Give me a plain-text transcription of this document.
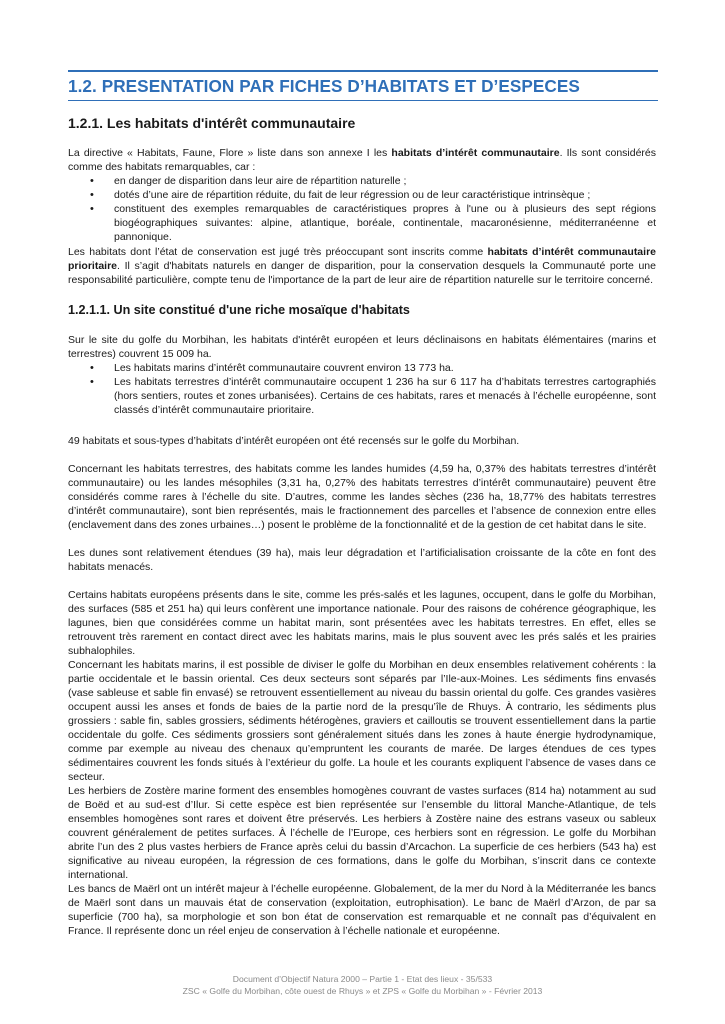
1.2. PRESENTATION PAR FICHES D’HABITATS ET D’ESPECES
1.2.1. Les habitats d'intérêt communautaire

La directive « Habitats, Faune, Flore » liste dans son annexe I les habitats d’intérêt communautaire. Ils sont considérés comme des habitats remarquables, car :

• en danger de disparition dans leur aire de répartition naturelle ;
• dotés d’une aire de répartition réduite, du fait de leur régression ou de leur caractéristique intrinsèque ;
• constituent des exemples remarquables de caractéristiques propres à l'une ou à plusieurs des sept régions biogéographiques suivantes: alpine, atlantique, boréale, continentale, macaronésienne, méditerranéenne et pannonique.

Les habitats dont l’état de conservation est jugé très préoccupant sont inscrits comme habitats d’intérêt communautaire prioritaire. Il s’agit d'habitats naturels en danger de disparition, pour la conservation desquels la Communauté porte une responsabilité particulière, compte tenu de l'importance de la part de leur aire de répartition naturelle sur le territoire concerné.

1.2.1.1. Un site constitué d'une riche mosaïque d'habitats

Sur le site du golfe du Morbihan, les habitats d'intérêt européen et leurs déclinaisons en habitats élémentaires (marins et terrestres) couvrent 15 009 ha.

• Les habitats marins d’intérêt communautaire couvrent environ 13 773 ha.
• Les habitats terrestres d’intérêt communautaire occupent 1 236 ha sur 6 117 ha d’habitats terrestres cartographiés (hors sentiers, routes et zones urbanisées). Certains de ces habitats, rares et menacés à l’échelle européenne, sont classés d’intérêt communautaire prioritaire.

49 habitats et sous-types d’habitats d’intérêt européen ont été recensés sur le golfe du Morbihan.

Concernant les habitats terrestres, des habitats comme les landes humides (4,59 ha, 0,37% des habitats terrestres d’intérêt communautaire) ou les landes mésophiles (3,31 ha, 0,27% des habitats terrestres d’intérêt communautaire) peuvent être considérés comme rares à l’échelle du site. D’autres, comme les landes sèches (236 ha, 18,77% des habitats terrestres d’intérêt communautaire), sont bien représentés, mais le fractionnement des parcelles et l’absence de connexion entre elles (enclavement dans des zones urbaines…) posent le problème de la fonctionnalité et de la gestion de cet habitat dans le site.

Les dunes sont relativement étendues (39 ha), mais leur dégradation et l’artificialisation croissante de la côte en font des habitats menacés.

Certains habitats européens présents dans le site, comme les prés-salés et les lagunes, occupent, dans le golfe du Morbihan, des surfaces (585 et 251 ha) qui leurs confèrent une importance nationale. Pour des raisons de cohérence géographique, les lagunes, bien que considérées comme un habitat marin, sont présentées avec les habitats terrestres. En effet, elles se retrouvent très rarement en contact direct avec les habitats marins, mais le plus souvent avec les prés salés et les prairies subhalophiles.

Concernant les habitats marins, il est possible de diviser le golfe du Morbihan en deux ensembles relativement cohérents : la partie occidentale et le bassin oriental. Ces deux secteurs sont séparés par l’Ile-aux-Moines. Les sédiments fins envasés (vase sableuse et sable fin envasé) se retrouvent essentiellement au niveau du bassin oriental du golfe. Ces grandes vasières occupent aussi les anses et fonds de baies de la partie nord de la presqu’île de Rhuys. À contrario, les sédiments plus grossiers : sable fin, sables grossiers, sédiments hétérogènes, graviers et cailloutis se trouvent essentiellement dans la partie occidentale du golfe. Ces sédiments grossiers sont généralement situés dans les zones à haute énergie hydrodynamique, comme par exemple au niveau des chenaux qu’empruntent les courants de marée. De larges étendues de ces types sédimentaires couvrent les fonds situés à l’extérieur du golfe. La houle et les courants expliquent l’absence de vases dans ce secteur.

Les herbiers de Zostère marine forment des ensembles homogènes couvrant de vastes surfaces (814 ha) notamment au sud de Boëd et au sud-est d’Ilur. Si cette espèce est bien représentée sur l’ensemble du littoral Manche-Atlantique, de tels ensembles homogènes sont rares et doivent être préservés. Les herbiers à Zostère naine des estrans vaseux ou sableux couvrent généralement de petites surfaces. À l’échelle de l’Europe, ces herbiers sont en régression. Le golfe du Morbihan abrite l’un des 2 plus vastes herbiers de France après celui du bassin d’Arcachon. La superficie de ces herbiers (543 ha) est significative au niveau européen, la régression de ces formations, dans le golfe du Morbihan, s’inscrit dans ce contexte international.

Les bancs de Maërl ont un intérêt majeur à l’échelle européenne. Globalement, de la mer du Nord à la Méditerranée les bancs de Maërl sont dans un mauvais état de conservation (exploitation, eutrophisation). Le banc de Maërl d’Arzon, de par sa superficie (700 ha), sa morphologie et son bon état de conservation est remarquable et ne connaît pas d’équivalent en France. Il représente donc un réel enjeu de conservation à l’échelle nationale et européenne.

Document d’Objectif Natura 2000 – Partie 1 - Etat des lieux - 35/533
ZSC « Golfe du Morbihan, côte ouest de Rhuys » et ZPS « Golfe du Morbihan » - Février 2013
